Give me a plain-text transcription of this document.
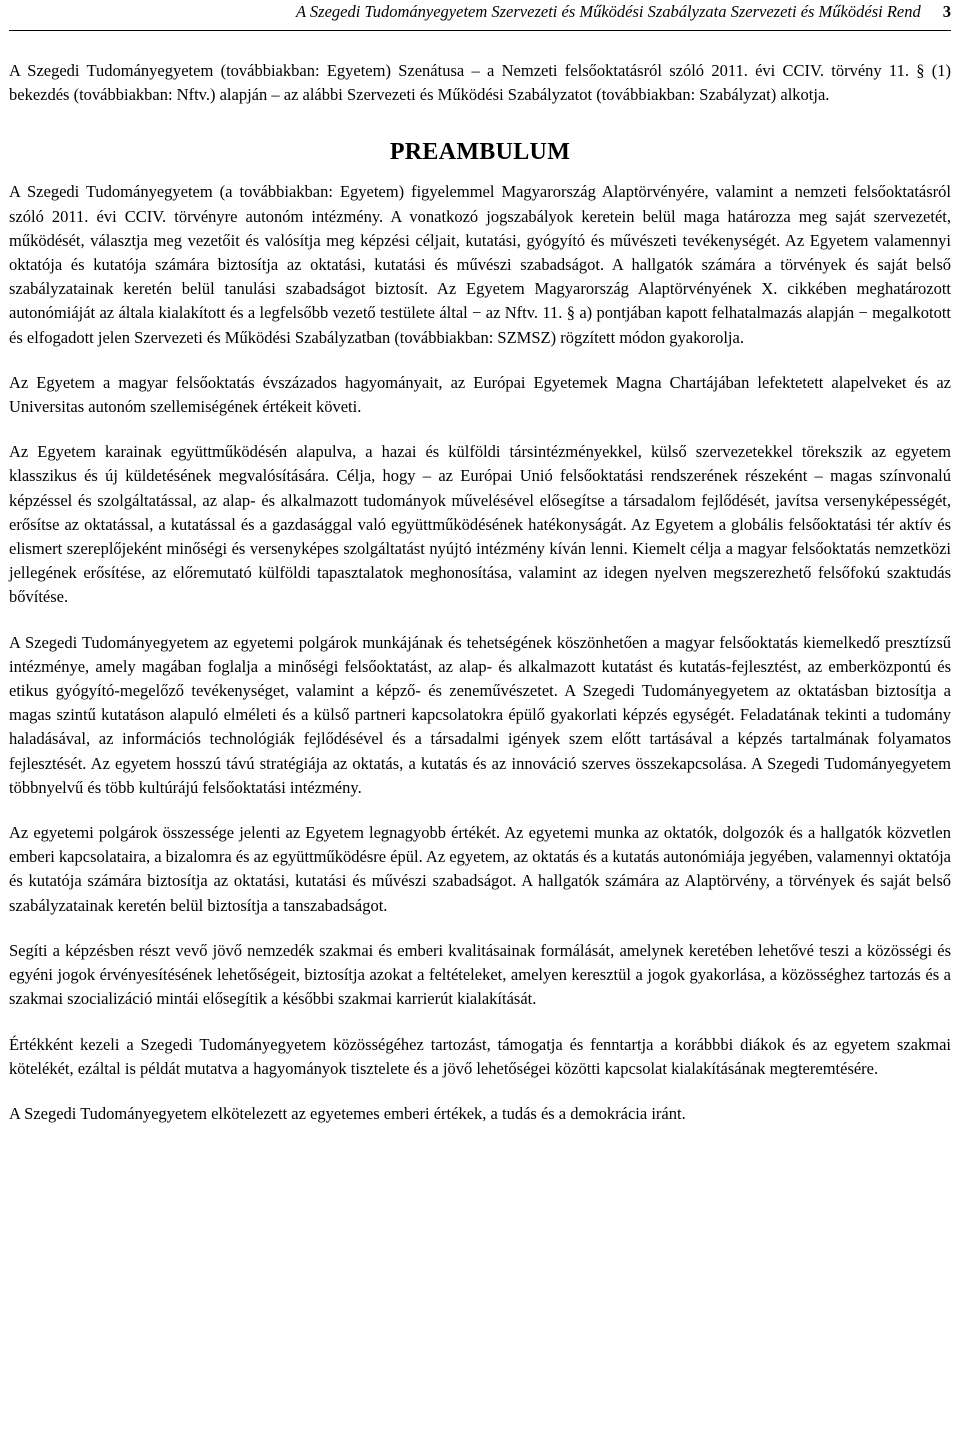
A Szegedi Tudományegyetem Szervezeti és Működési Szabályzata Szervezeti és Működési Rend 3

A Szegedi Tudományegyetem (továbbiakban: Egyetem) Szenátusa – a Nemzeti felsőoktatásról szóló 2011. évi CCIV. törvény 11. § (1) bekezdés (továbbiakban: Nftv.) alapján – az alábbi Szervezeti és Működési Szabályzatot (továbbiakban: Szabályzat) alkotja.

PREAMBULUM

A Szegedi Tudományegyetem (a továbbiakban: Egyetem) figyelemmel Magyarország Alaptörvényére, valamint a nemzeti felsőoktatásról szóló 2011. évi CCIV. törvényre autonóm intézmény. A vonatkozó jogszabályok keretein belül maga határozza meg saját szervezetét, működését, választja meg vezetőit és valósítja meg képzési céljait, kutatási, gyógyító és művészeti tevékenységét. Az Egyetem valamennyi oktatója és kutatója számára biztosítja az oktatási, kutatási és művészi szabadságot. A hallgatók számára a törvények és saját belső szabályzatainak keretén belül tanulási szabadságot biztosít. Az Egyetem Magyarország Alaptörvényének X. cikkében meghatározott autonómiáját az általa kialakított és a legfelsőbb vezető testülete által − az Nftv. 11. § a) pontjában kapott felhatalmazás alapján − megalkotott és elfogadott jelen Szervezeti és Működési Szabályzatban (továbbiakban: SZMSZ) rögzített módon gyakorolja.

Az Egyetem a magyar felsőoktatás évszázados hagyományait, az Európai Egyetemek Magna Chartájában lefektetett alapelveket és az Universitas autonóm szellemiségének értékeit követi.

Az Egyetem karainak együttműködésén alapulva, a hazai és külföldi társintézményekkel, külső szervezetekkel törekszik az egyetem klasszikus és új küldetésének megvalósítására. Célja, hogy – az Európai Unió felsőoktatási rendszerének részeként – magas színvonalú képzéssel és szolgáltatással, az alap- és alkalmazott tudományok művelésével elősegítse a társadalom fejlődését, javítsa versenyképességét, erősítse az oktatással, a kutatással és a gazdasággal való együttműködésének hatékonyságát. Az Egyetem a globális felsőoktatási tér aktív és elismert szereplőjeként minőségi és versenyképes szolgáltatást nyújtó intézmény kíván lenni. Kiemelt célja a magyar felsőoktatás nemzetközi jellegének erősítése, az előremutató külföldi tapasztalatok meghonosítása, valamint az idegen nyelven megszerezhető felsőfokú szaktudás bővítése.

A Szegedi Tudományegyetem az egyetemi polgárok munkájának és tehetségének köszönhetően a magyar felsőoktatás kiemelkedő presztízsű intézménye, amely magában foglalja a minőségi felsőoktatást, az alap- és alkalmazott kutatást és kutatás-fejlesztést, az emberközpontú és etikus gyógyító-megelőző tevékenységet, valamint a képző- és zeneművészetet. A Szegedi Tudományegyetem az oktatásban biztosítja a magas szintű kutatáson alapuló elméleti és a külső partneri kapcsolatokra épülő gyakorlati képzés egységét. Feladatának tekinti a tudomány haladásával, az információs technológiák fejlődésével és a társadalmi igények szem előtt tartásával a képzés tartalmának folyamatos fejlesztését. Az egyetem hosszú távú stratégiája az oktatás, a kutatás és az innováció szerves összekapcsolása. A Szegedi Tudományegyetem többnyelvű és több kultúrájú felsőoktatási intézmény.

Az egyetemi polgárok összessége jelenti az Egyetem legnagyobb értékét. Az egyetemi munka az oktatók, dolgozók és a hallgatók közvetlen emberi kapcsolataira, a bizalomra és az együttműködésre épül. Az egyetem, az oktatás és a kutatás autonómiája jegyében, valamennyi oktatója és kutatója számára biztosítja az oktatási, kutatási és művészi szabadságot. A hallgatók számára az Alaptörvény, a törvények és saját belső szabályzatainak keretén belül biztosítja a tanszabadságot.

Segíti a képzésben részt vevő jövő nemzedék szakmai és emberi kvalitásainak formálását, amelynek keretében lehetővé teszi a közösségi és egyéni jogok érvényesítésének lehetőségeit, biztosítja azokat a feltételeket, amelyen keresztül a jogok gyakorlása, a közösséghez tartozás és a szakmai szocializáció mintái elősegítik a későbbi szakmai karrierút kialakítását.

Értékként kezeli a Szegedi Tudományegyetem közösségéhez tartozást, támogatja és fenntartja a korábbbi diákok és az egyetem szakmai kötelékét, ezáltal is példát mutatva a hagyományok tisztelete és a jövő lehetőségei közötti kapcsolat kialakításának megteremtésére.

A Szegedi Tudományegyetem elkötelezett az egyetemes emberi értékek, a tudás és a demokrácia iránt.
